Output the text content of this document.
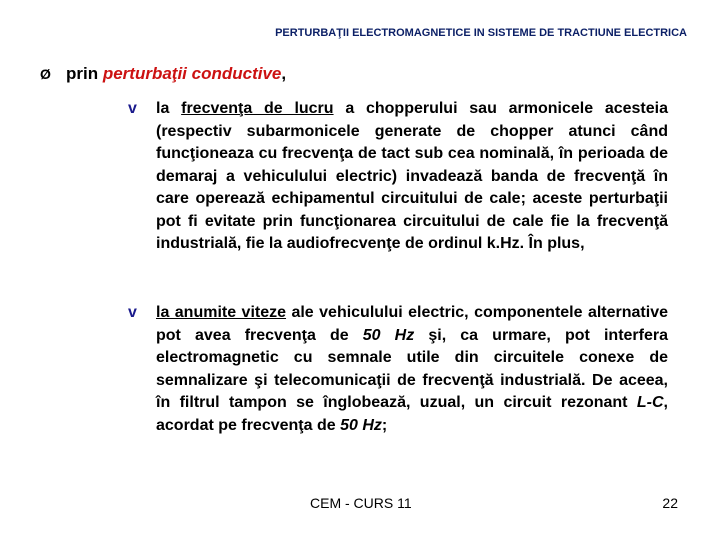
PERTURBAŢII ELECTROMAGNETICE IN SISTEME DE TRACTIUNE ELECTRICA
Ø prin perturbaţii conductive,
v la frecvenţa de lucru a chopperului sau armonicele acesteia (respectiv subarmonicele generate de chopper atunci când funcţioneaza cu frecvenţa de tact sub cea nominală, în perioada de demaraj a vehiculului electric) invadează banda de frecvenţă în care operează echipamentul circuitului de cale; aceste perturbaţii pot fi evitate prin funcţionarea circuitului de cale fie la frecvenţă industrială, fie la audiofrecvenţe de ordinul k.Hz. În plus,
v la anumite viteze ale vehiculului electric, componentele alternative pot avea frecvenţa de 50 Hz şi, ca urmare, pot interfera electromagnetic cu semnale utile din circuitele conexe de semnalizare şi telecomunicaţii de frecvenţă industrială. De aceea, în filtrul tampon se înglobează, uzual, un circuit rezonant L-C, acordat pe frecvenţa de 50 Hz;
CEM - CURS 11	22
